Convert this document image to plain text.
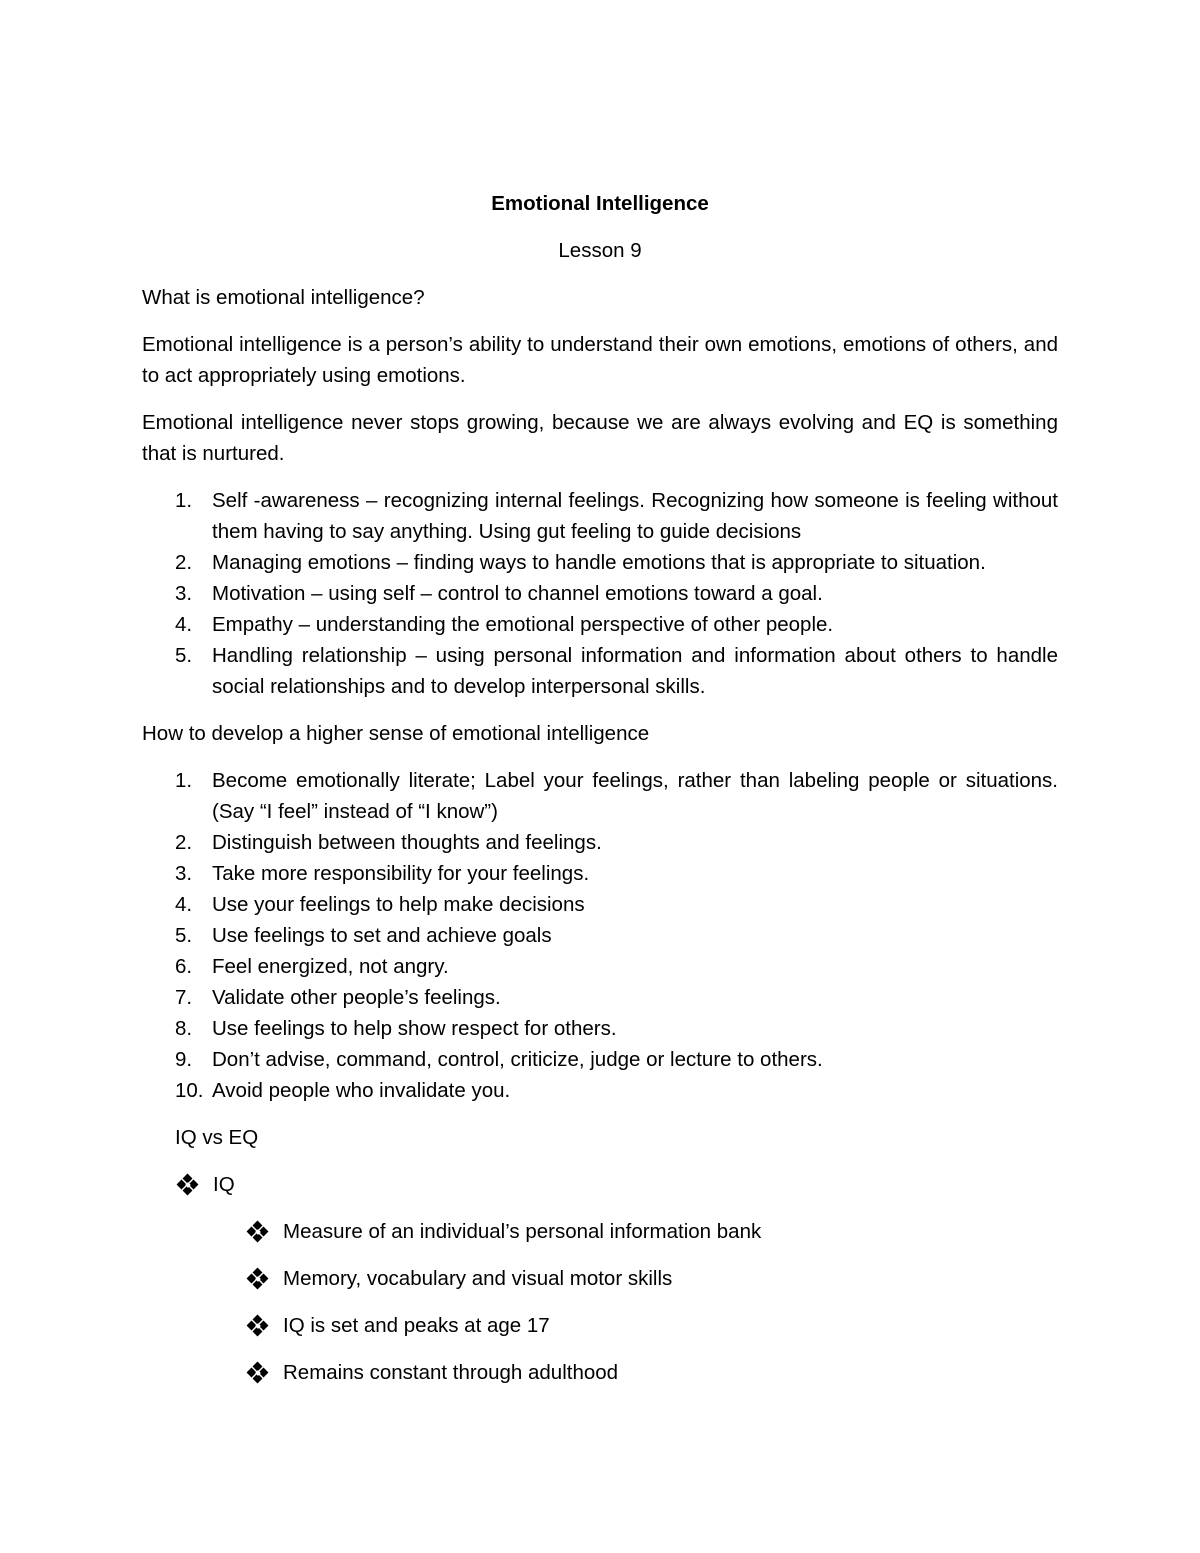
Emotional Intelligence

Lesson 9

What is emotional intelligence?

Emotional intelligence is a person’s ability to understand their own emotions, emotions of others, and to act appropriately using emotions.

Emotional intelligence never stops growing, because we are always evolving and EQ is something that is nurtured.

1. Self -awareness – recognizing internal feelings. Recognizing how someone is feeling without them having to say anything. Using gut feeling to guide decisions
2. Managing emotions – finding ways to handle emotions that is appropriate to situation.
3. Motivation – using self – control to channel emotions toward a goal.
4. Empathy – understanding the emotional perspective of other people.
5. Handling relationship – using personal information and information about others to handle social relationships and to develop interpersonal skills.

How to develop a higher sense of emotional intelligence

1. Become emotionally literate; Label your feelings, rather than labeling people or situations. (Say “I feel” instead of “I know”)
2. Distinguish between thoughts and feelings.
3. Take more responsibility for your feelings.
4. Use your feelings to help make decisions
5. Use feelings to set and achieve goals
6. Feel energized, not angry.
7. Validate other people’s feelings.
8. Use feelings to help show respect for others.
9. Don’t advise, command, control, criticize, judge or lecture to others.
10. Avoid people who invalidate you.

IQ vs EQ

IQ
Measure of an individual’s personal information bank
Memory, vocabulary and visual motor skills
IQ is set and peaks at age 17
Remains constant through adulthood
